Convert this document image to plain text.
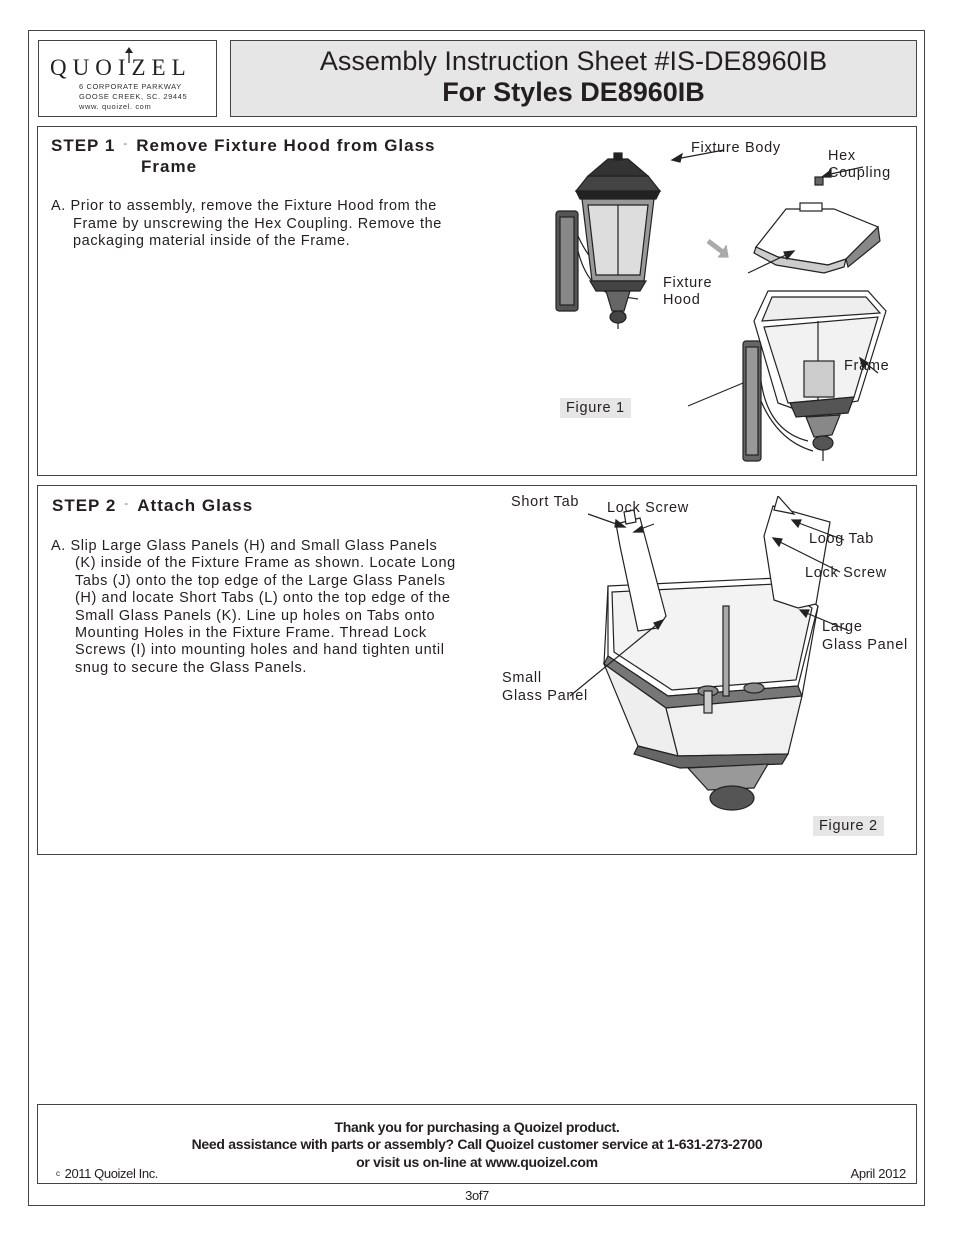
QUOIZEL
6 CORPORATE PARKWAY
GOOSE CREEK, SC. 29445
www. quoizel. com
Assembly Instruction Sheet #IS-DE8960IB
For Styles DE8960IB
STEP 1 - Remove Fixture Hood from Glass
Frame
A. Prior to assembly, remove the Fixture Hood from the
Frame by unscrewing the Hex Coupling. Remove the
packaging material inside of the Frame.
Fixture Body	Hex
Coupling
Fixture
Hood
Frame
Figure 1
STEP 2 - Attach Glass
A. Slip Large Glass Panels (H) and Small Glass Panels
(K) inside of the Fixture Frame as shown. Locate Long
Tabs (J) onto the top edge of the Large Glass Panels
(H) and locate Short Tabs (L) onto the top edge of the
Small Glass Panels (K). Line up holes on Tabs onto
Mounting Holes in the Fixture Frame. Thread Lock
Screws (I) into mounting holes and hand tighten until
snug to secure the Glass Panels.
Short Tab Lock Screw
Loog Tab
Lock Screw
Large
Glass Panel
Small
Glass Panel
Figure 2
Thank you for purchasing a Quoizel product.
Need assistance with parts or assembly? Call Quoizel customer service at 1-631-273-2700
or visit us on-line at www.quoizel.com
c 2011 Quoizel Inc.	April 2012
3of7
